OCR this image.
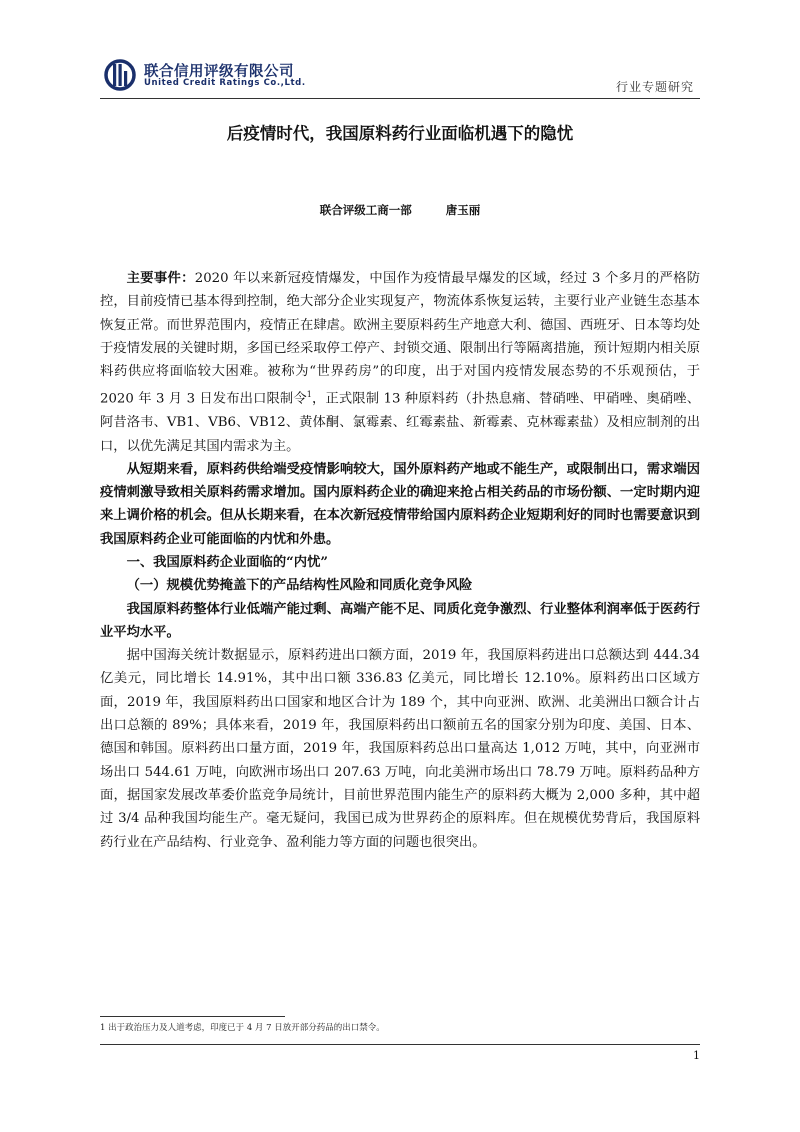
联合信用评级有限公司
United Credit Ratings Co.,Ltd.	行业专题研究
后疫情时代，我国原料药行业面临机遇下的隐忧
联合评级工商一部	唐玉丽

主要事件：2020 年以来新冠疫情爆发，中国作为疫情最早爆发的区域，经过 3 个多月的严格防控，目前疫情已基本得到控制，绝大部分企业实现复产，物流体系恢复运转，主要行业产业链生态基本恢复正常。而世界范围内，疫情正在肆虐。欧洲主要原料药生产地意大利、德国、西班牙、日本等均处于疫情发展的关键时期，多国已经采取停工停产、封锁交通、限制出行等隔离措施，预计短期内相关原料药供应将面临较大困难。被称为“世界药房”的印度，出于对国内疫情发展态势的不乐观预估，于 2020 年 3 月 3 日发布出口限制令$^1$，正式限制 13 种原料药（扑热息痛、替硝唑、甲硝唑、奥硝唑、阿昔洛韦、VB1、VB6、VB12、黄体酮、氯霉素、红霉素盐、新霉素、克林霉素盐）及相应制剂的出口，以优先满足其国内需求为主。

从短期来看，原料药供给端受疫情影响较大，国外原料药产地或不能生产，或限制出口，需求端因疫情刺激导致相关原料药需求增加。国内原料药企业的确迎来抢占相关药品的市场份额、一定时期内迎来上调价格的机会。但从长期来看，在本次新冠疫情带给国内原料药企业短期利好的同时也需要意识到我国原料药企业可能面临的内忧和外患。

一、我国原料药企业面临的“内忧”

（一）规模优势掩盖下的产品结构性风险和同质化竞争风险

我国原料药整体行业低端产能过剩、高端产能不足、同质化竞争激烈、行业整体利润率低于医药行业平均水平。

据中国海关统计数据显示，原料药进出口额方面，2019 年，我国原料药进出口总额达到 444.34 亿美元，同比增长 14.91%，其中出口额 336.83 亿美元，同比增长 12.10%。原料药出口区域方面，2019 年，我国原料药出口国家和地区合计为 189 个，其中向亚洲、欧洲、北美洲出口额合计占出口总额的 89%；具体来看，2019 年，我国原料药出口额前五名的国家分别为印度、美国、日本、德国和韩国。原料药出口量方面，2019 年，我国原料药总出口量高达 1,012 万吨，其中，向亚洲市场出口 544.61 万吨，向欧洲市场出口 207.63 万吨，向北美洲市场出口 78.79 万吨。原料药品种方面，据国家发展改革委价监竞争局统计，目前世界范围内能生产的原料药大概为 2,000 多种，其中超过 3/4 品种我国均能生产。毫无疑问，我国已成为世界药企的原料库。但在规模优势背后，我国原料药行业在产品结构、行业竞争、盈利能力等方面的问题也很突出。

1 出于政治压力及人道考虑，印度已于 4 月 7 日放开部分药品的出口禁令。
1
